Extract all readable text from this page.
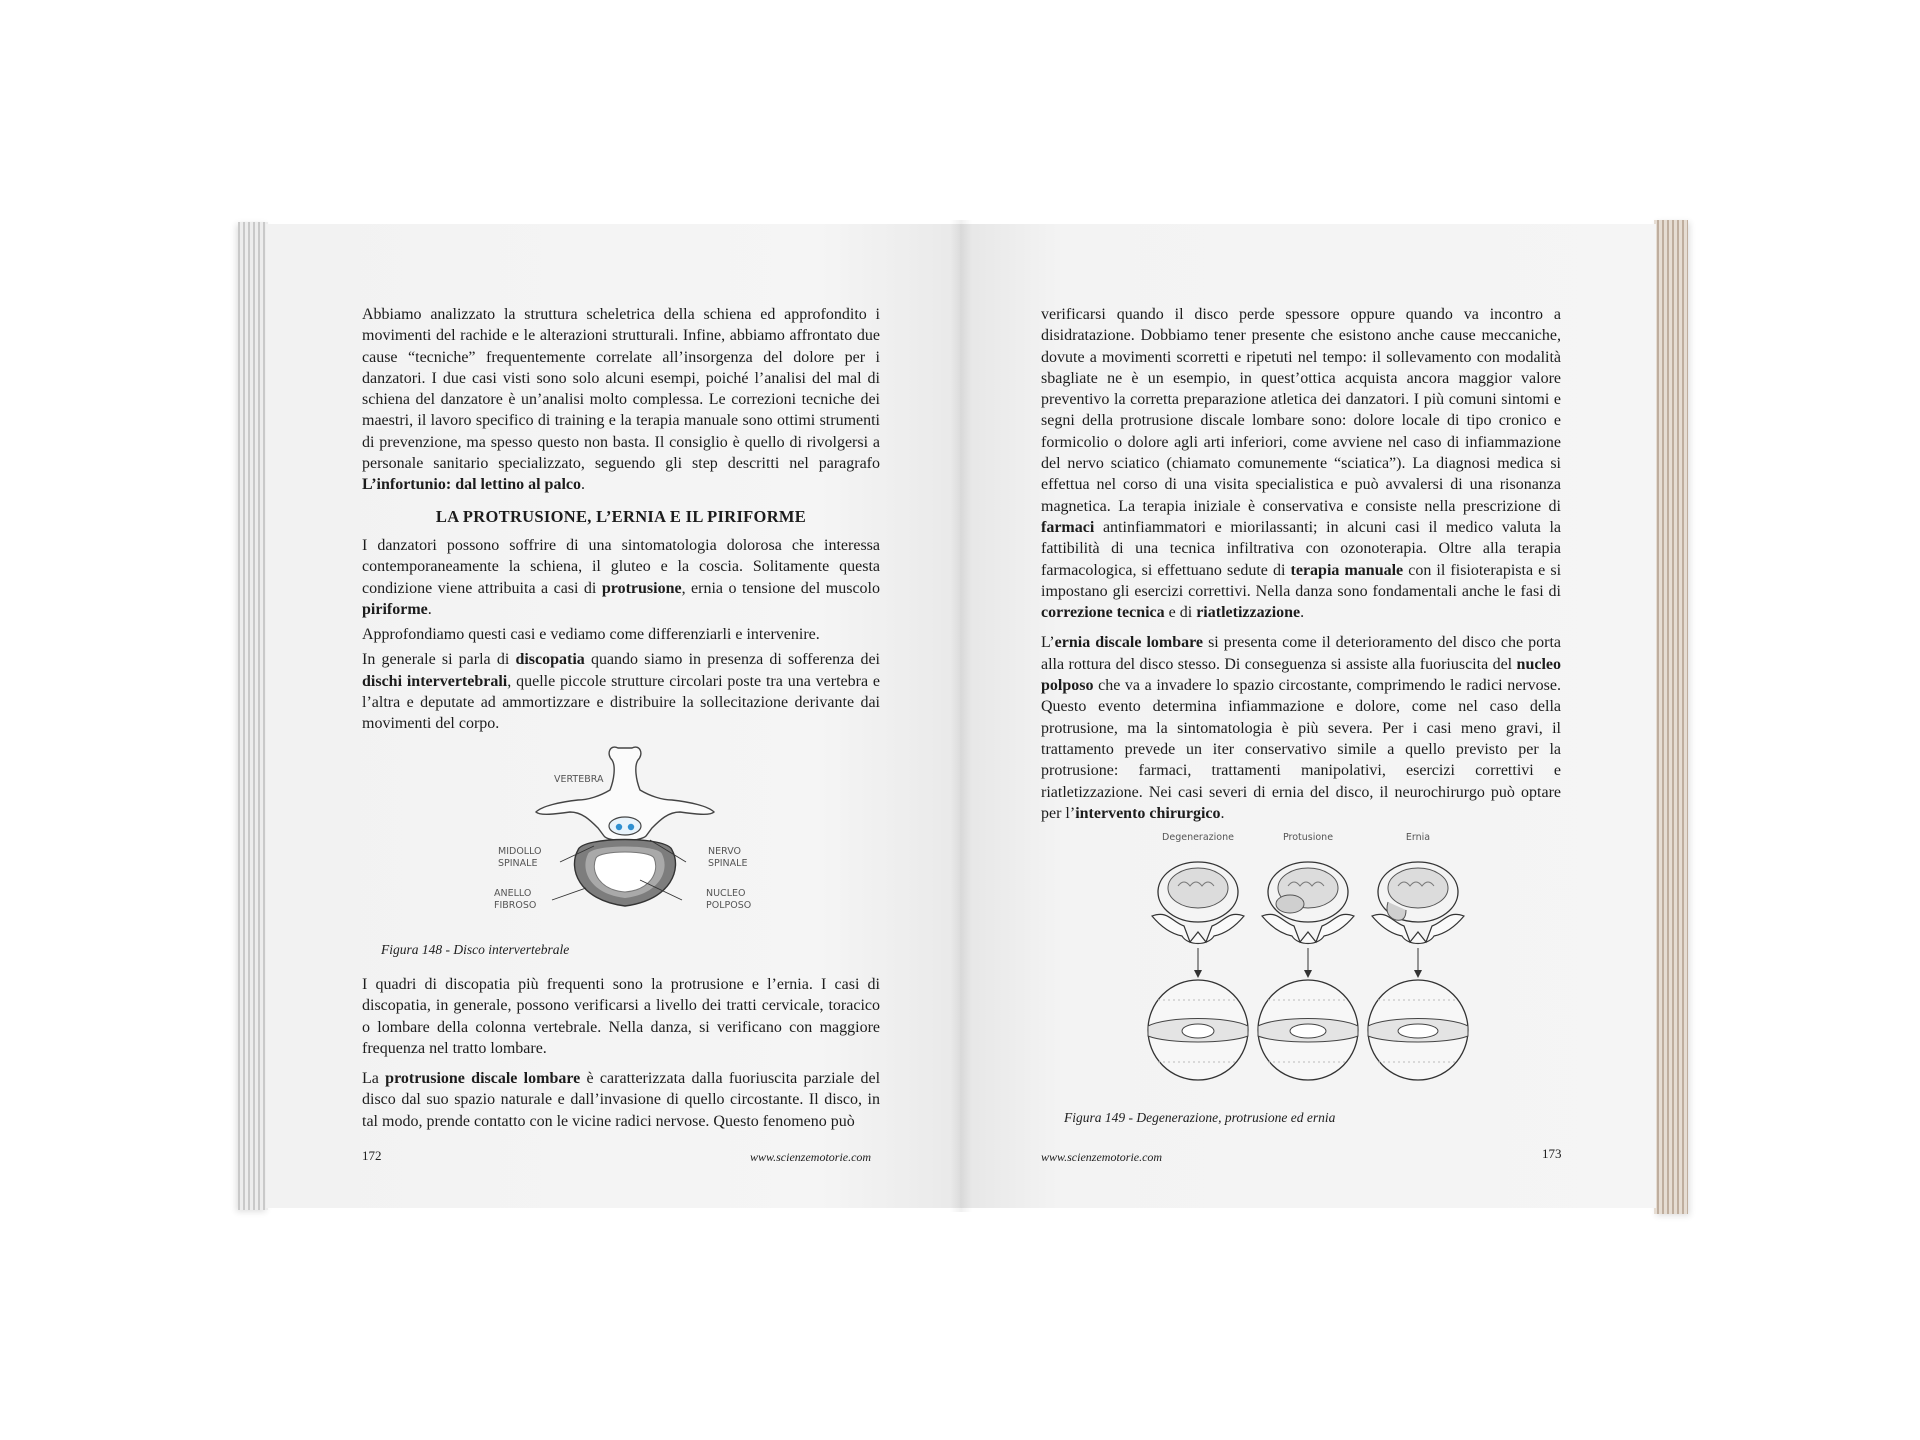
Abbiamo analizzato la struttura scheletrica della schiena ed approfondito i movimenti del rachide e le alterazioni strutturali. Infine, abbiamo affrontato due cause “tecniche” frequentemente correlate all’insorgenza del dolore per i danzatori. I due casi visti sono solo alcuni esempi, poiché l’analisi del mal di schiena del danzatore è un’analisi molto complessa. Le correzioni tecniche dei maestri, il lavoro specifico di training e la terapia manuale sono ottimi strumenti di prevenzione, ma spesso questo non basta. Il consiglio è quello di rivolgersi a personale sanitario specializzato, seguendo gli step descritti nel paragrafo L’infortunio: dal lettino al palco.

LA PROTRUSIONE, L’ERNIA E IL PIRIFORME

I danzatori possono soffrire di una sintomatologia dolorosa che interessa contemporaneamente la schiena, il gluteo e la coscia. Solitamente questa condizione viene attribuita a casi di protrusione, ernia o tensione del muscolo piriforme.

Approfondiamo questi casi e vediamo come differenziarli e intervenire.

In generale si parla di discopatia quando siamo in presenza di sofferenza dei dischi intervertebrali, quelle piccole strutture circolari poste tra una vertebra e l’altra e deputate ad ammortizzare e distribuire la sollecitazione derivante dai movimenti del corpo.

VERTEBRA
MIDOLLO
SPINALE
NERVO
SPINALE
ANELLO
FIBROSO
NUCLEO
POLPOSO
Figura 148 - Disco intervertebrale

I quadri di discopatia più frequenti sono la protrusione e l’ernia. I casi di discopatia, in generale, possono verificarsi a livello dei tratti cervicale, toracico o lombare della colonna vertebrale. Nella danza, si verificano con maggiore frequenza nel tratto lombare.

La protrusione discale lombare è caratterizzata dalla fuoriuscita parziale del disco dal suo spazio naturale e dall’invasione di quello circostante. Il disco, in tal modo, prende contatto con le vicine radici nervose. Questo fenomeno può

172	www.scienzemotorie.com

verificarsi quando il disco perde spessore oppure quando va incontro a disidratazione. Dobbiamo tener presente che esistono anche cause meccaniche, dovute a movimenti scorretti e ripetuti nel tempo: il sollevamento con modalità sbagliate ne è un esempio, in quest’ottica acquista ancora maggior valore preventivo la corretta preparazione atletica dei danzatori. I più comuni sintomi e segni della protrusione discale lombare sono: dolore locale di tipo cronico e formicolio o dolore agli arti inferiori, come avviene nel caso di infiammazione del nervo sciatico (chiamato comunemente “sciatica”). La diagnosi medica si effettua nel corso di una visita specialistica e può avvalersi di una risonanza magnetica. La terapia iniziale è conservativa e consiste nella prescrizione di farmaci antinfiammatori e miorilassanti; in alcuni casi il medico valuta la fattibilità di una tecnica infiltrativa con ozonoterapia. Oltre alla terapia farmacologica, si effettuano sedute di terapia manuale con il fisioterapista e si impostano gli esercizi correttivi. Nella danza sono fondamentali anche le fasi di correzione tecnica e di riatletizzazione.

L’ernia discale lombare si presenta come il deterioramento del disco che porta alla rottura del disco stesso. Di conseguenza si assiste alla fuoriuscita del nucleo polposo che va a invadere lo spazio circostante, comprimendo le radici nervose. Questo evento determina infiammazione e dolore, come nel caso della protrusione, ma la sintomatologia è più severa. Per i casi meno gravi, il trattamento prevede un iter conservativo simile a quello previsto per la protrusione: farmaci, trattamenti manipolativi, esercizi correttivi e riatletizzazione. Nei casi severi di ernia del disco, il neurochirurgo può optare per l’intervento chirurgico.

Degenerazione	Protusione	Ernia
Figura 149 - Degenerazione, protrusione ed ernia
www.scienzemotorie.com	173
